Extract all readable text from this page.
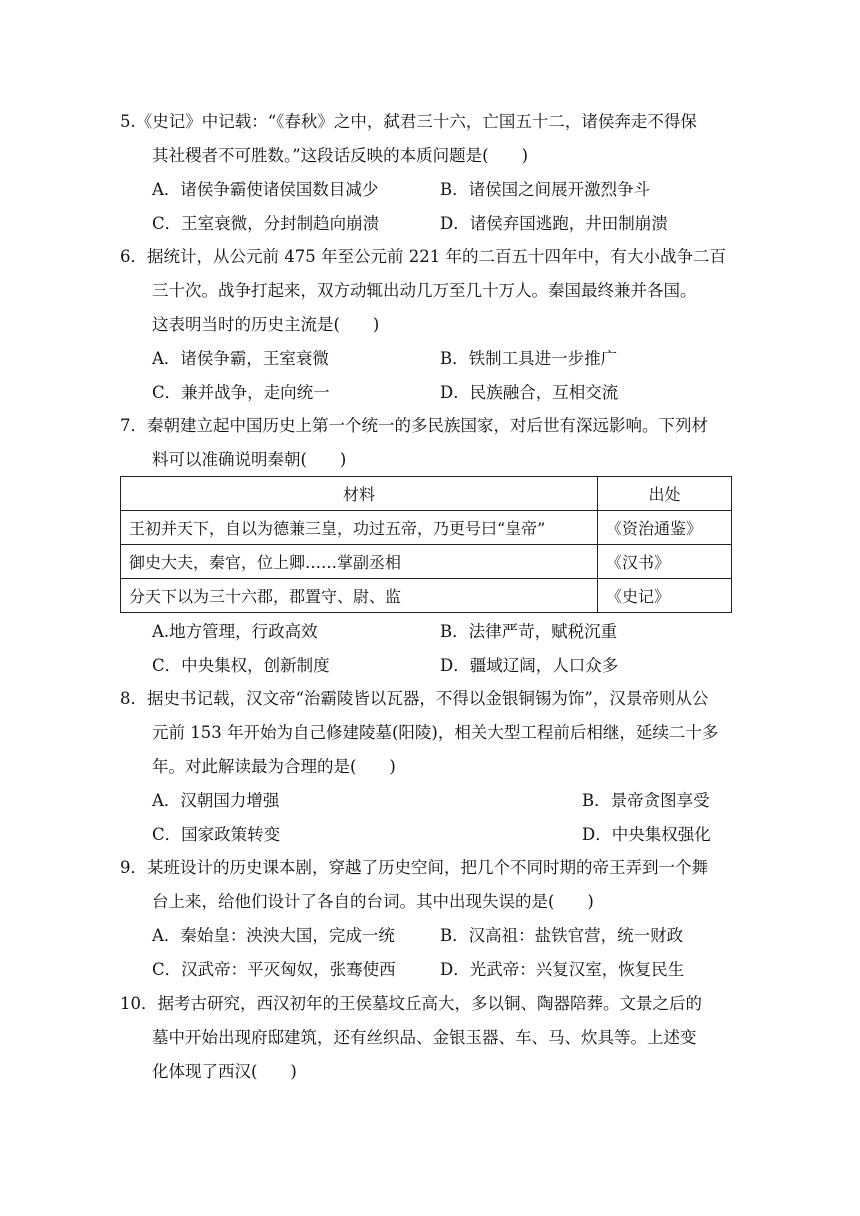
5.《史记》中记载：“《春秋》之中，弑君三十六，亡国五十二，诸侯奔走不得保
其社稷者不可胜数。”这段话反映的本质问题是(　　)
A．诸侯争霸使诸侯国数目减少	B．诸侯国之间展开激烈争斗
C．王室衰微，分封制趋向崩溃	D．诸侯弃国逃跑，井田制崩溃
6．据统计，从公元前 475 年至公元前 221 年的二百五十四年中，有大小战争二百
三十次。战争打起来，双方动辄出动几万至几十万人。秦国最终兼并各国。
这表明当时的历史主流是(　　)
A．诸侯争霸，王室衰微	B．铁制工具进一步推广
C．兼并战争，走向统一	D．民族融合，互相交流
7．秦朝建立起中国历史上第一个统一的多民族国家，对后世有深远影响。下列材
料可以准确说明秦朝(　　)
材料	出处
王初并天下，自以为德兼三皇，功过五帝，乃更号曰“皇帝”	《资治通鉴》
御史大夫，秦官，位上卿……掌副丞相	《汉书》
分天下以为三十六郡，郡置守、尉、监	《史记》
A.地方管理，行政高效	B．法律严苛，赋税沉重
C．中央集权，创新制度	D．疆域辽阔，人口众多
8．据史书记载，汉文帝“治霸陵皆以瓦器，不得以金银铜锡为饰”，汉景帝则从公
元前 153 年开始为自己修建陵墓(阳陵)，相关大型工程前后相继，延续二十多
年。对此解读最为合理的是(　　)
A．汉朝国力增强	B．景帝贪图享受
C．国家政策转变	D．中央集权强化
9．某班设计的历史课本剧，穿越了历史空间，把几个不同时期的帝王弄到一个舞
台上来，给他们设计了各自的台词。其中出现失误的是(　　)
A．秦始皇：泱泱大国，完成一统	B．汉高祖：盐铁官营，统一财政
C．汉武帝：平灭匈奴，张骞使西	D．光武帝：兴复汉室，恢复民生
10．据考古研究，西汉初年的王侯墓坟丘高大，多以铜、陶器陪葬。文景之后的
墓中开始出现府邸建筑，还有丝织品、金银玉器、车、马、炊具等。上述变
化体现了西汉(　　)
